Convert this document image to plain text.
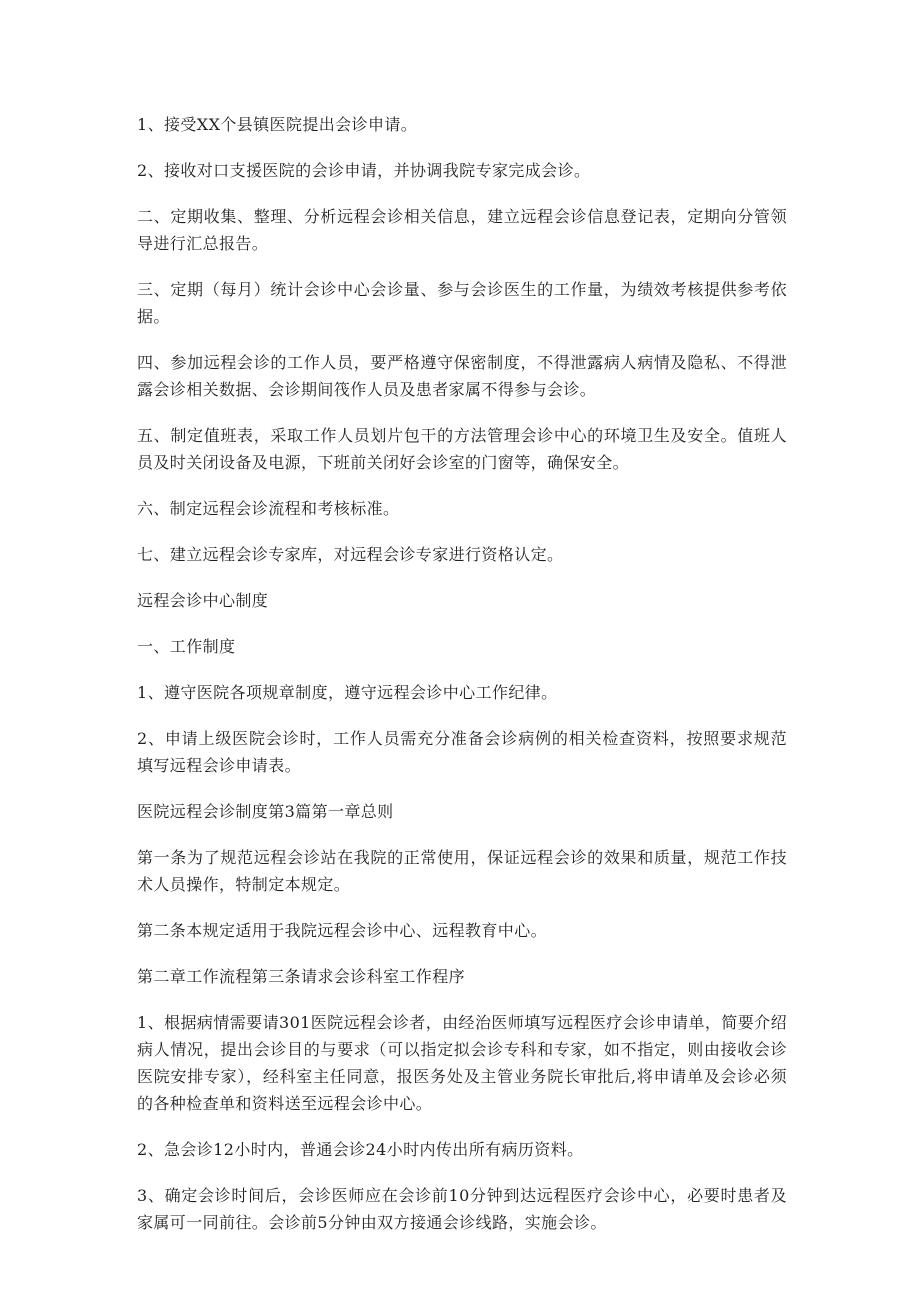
1、接受XX个县镇医院提出会诊申请。

2、接收对口支援医院的会诊申请，并协调我院专家完成会诊。

二、定期收集、整理、分析远程会诊相关信息，建立远程会诊信息登记表，定期向分管领导进行汇总报告。

三、定期（每月）统计会诊中心会诊量、参与会诊医生的工作量，为绩效考核提供参考依据。

四、参加远程会诊的工作人员，要严格遵守保密制度，不得泄露病人病情及隐私、不得泄露会诊相关数据、会诊期间筏作人员及患者家属不得参与会诊。

五、制定值班表，采取工作人员划片包干的方法管理会诊中心的环境卫生及安全。值班人员及时关闭设备及电源，下班前关闭好会诊室的门窗等，确保安全。

六、制定远程会诊流程和考核标准。

七、建立远程会诊专家库，对远程会诊专家进行资格认定。

远程会诊中心制度

一、工作制度

1、遵守医院各项规章制度，遵守远程会诊中心工作纪律。

2、申请上级医院会诊时，工作人员需充分准备会诊病例的相关检查资料，按照要求规范填写远程会诊申请表。

医院远程会诊制度第3篇第一章总则

第一条为了规范远程会诊站在我院的正常使用，保证远程会诊的效果和质量，规范工作技术人员操作，特制定本规定。

第二条本规定适用于我院远程会诊中心、远程教育中心。

第二章工作流程第三条请求会诊科室工作程序

1、根据病情需要请301医院远程会诊者，由经治医师填写远程医疗会诊申请单，简要介绍病人情况，提出会诊目的与要求（可以指定拟会诊专科和专家，如不指定，则由接收会诊医院安排专家），经科室主任同意，报医务处及主管业务院长审批后,将申请单及会诊必须的各种检查单和资料送至远程会诊中心。

2、急会诊12小时内，普通会诊24小时内传出所有病历资料。

3、确定会诊时间后，会诊医师应在会诊前10分钟到达远程医疗会诊中心，必要时患者及家属可一同前往。会诊前5分钟由双方接通会诊线路，实施会诊。
